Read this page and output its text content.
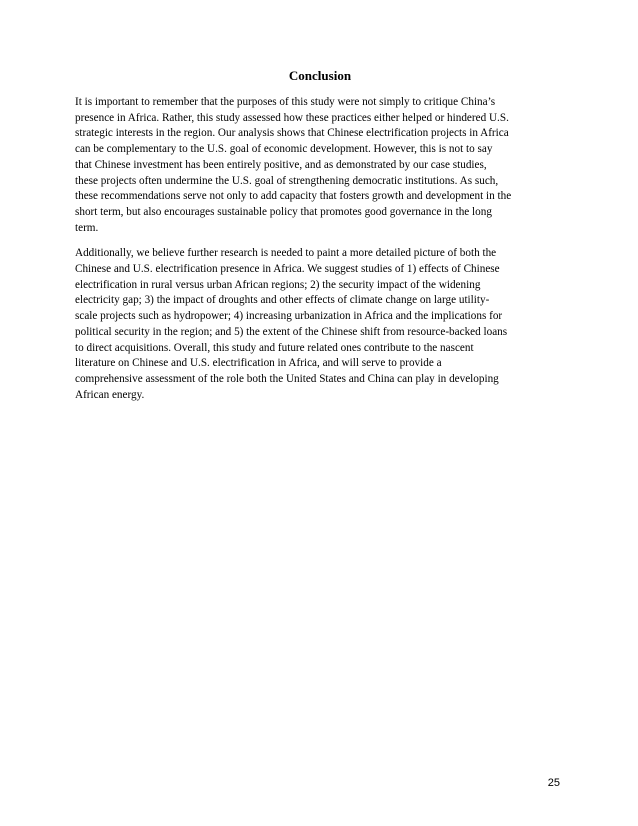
Conclusion

It is important to remember that the purposes of this study were not simply to critique China’s
presence in Africa. Rather, this study assessed how these practices either helped or hindered U.S.
strategic interests in the region. Our analysis shows that Chinese electrification projects in Africa
can be complementary to the U.S. goal of economic development. However, this is not to say
that Chinese investment has been entirely positive, and as demonstrated by our case studies,
these projects often undermine the U.S. goal of strengthening democratic institutions. As such,
these recommendations serve not only to add capacity that fosters growth and development in the
short term, but also encourages sustainable policy that promotes good governance in the long
term.

Additionally, we believe further research is needed to paint a more detailed picture of both the
Chinese and U.S. electrification presence in Africa. We suggest studies of 1) effects of Chinese
electrification in rural versus urban African regions; 2) the security impact of the widening
electricity gap; 3) the impact of droughts and other effects of climate change on large utility-
scale projects such as hydropower; 4) increasing urbanization in Africa and the implications for
political security in the region; and 5) the extent of the Chinese shift from resource-backed loans
to direct acquisitions. Overall, this study and future related ones contribute to the nascent
literature on Chinese and U.S. electrification in Africa, and will serve to provide a
comprehensive assessment of the role both the United States and China can play in developing
African energy.

25
